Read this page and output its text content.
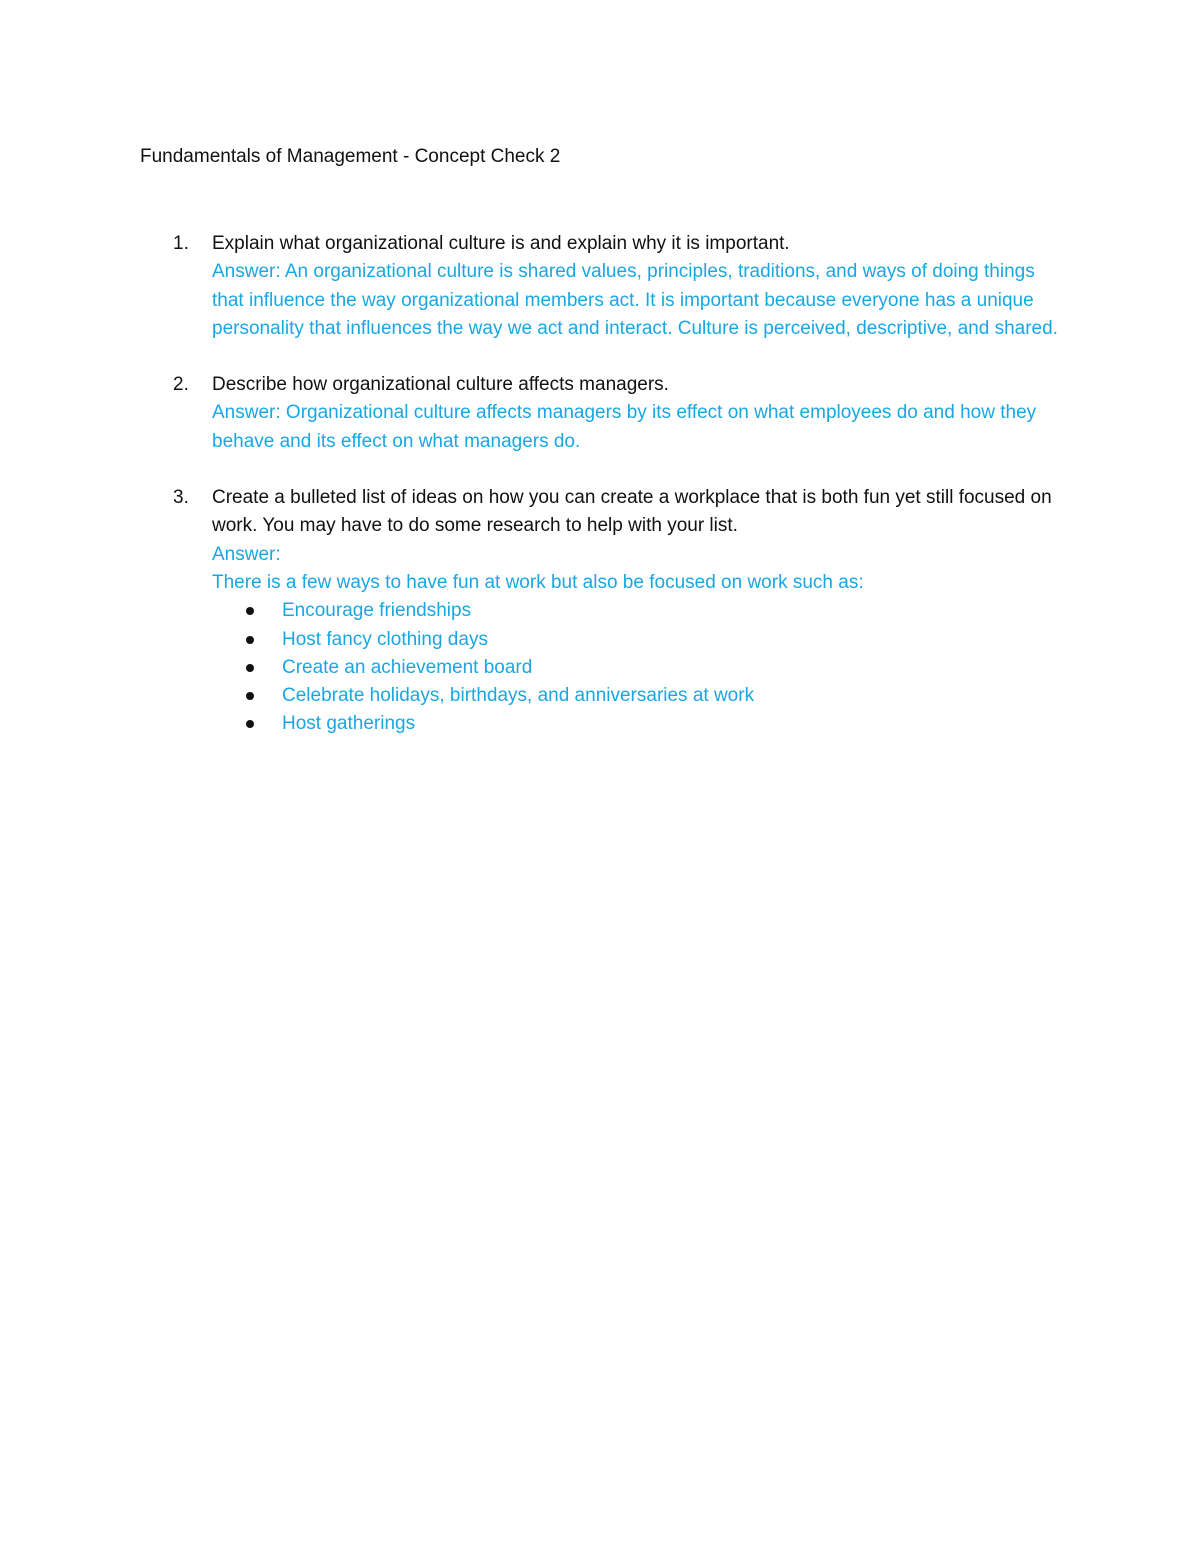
Fundamentals of Management - Concept Check 2
1. Explain what organizational culture is and explain why it is important.
Answer: An organizational culture is shared values, principles, traditions, and ways of doing things that influence the way organizational members act. It is important because everyone has a unique personality that influences the way we act and interact. Culture is perceived, descriptive, and shared.
2. Describe how organizational culture affects managers.
Answer: Organizational culture affects managers by its effect on what employees do and how they behave and its effect on what managers do.
3. Create a bulleted list of ideas on how you can create a workplace that is both fun yet still focused on work. You may have to do some research to help with your list.
Answer:
There is a few ways to have fun at work but also be focused on work such as:
Encourage friendships
Host fancy clothing days
Create an achievement board
Celebrate holidays, birthdays, and anniversaries at work
Host gatherings
